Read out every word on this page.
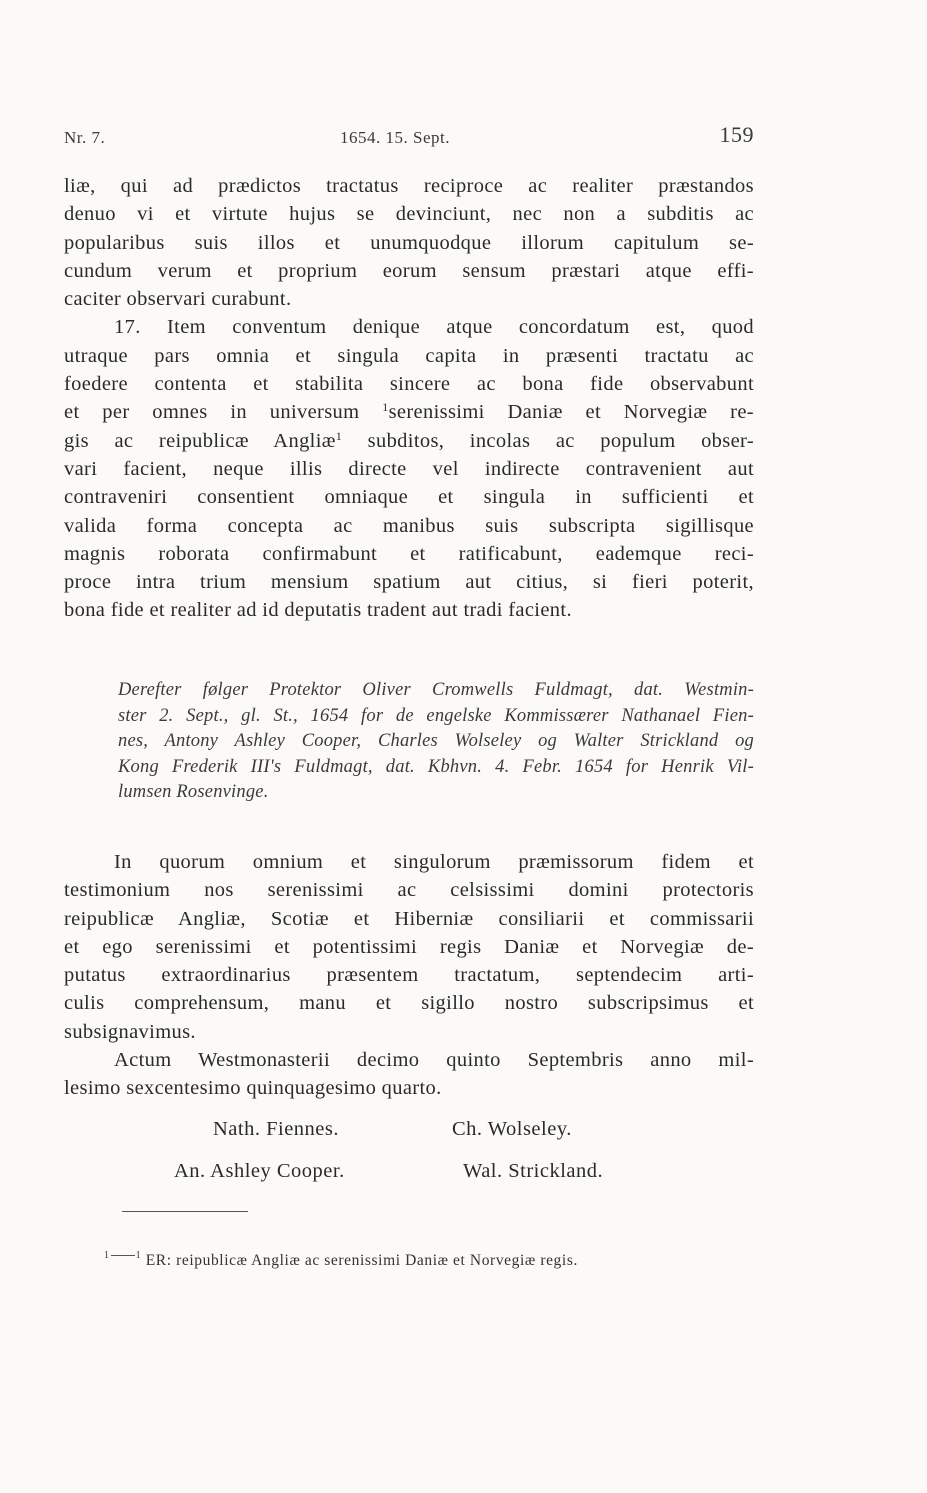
Nr. 7.	1654. 15. Sept.	159

liæ, qui ad prædictos tractatus reciproce ac realiter præstandos
denuo vi et virtute hujus se devinciunt, nec non a subditis ac
popularibus suis illos et unumquodque illorum capitulum se-
cundum verum et proprium eorum sensum præstari atque effi-
caciter observari curabunt.

17. Item conventum denique atque concordatum est, quod
utraque pars omnia et singula capita in præsenti tractatu ac
foedere contenta et stabilita sincere ac bona fide observabunt
et per omnes in universum $^1$serenissimi Daniæ et Norvegiæ re-
gis ac reipublicæ Angliæ$^1$ subditos, incolas ac populum obser-
vari facient, neque illis directe vel indirecte contravenient aut
contraveniri consentient omniaque et singula in sufficienti et
valida forma concepta ac manibus suis subscripta sigillisque
magnis roborata confirmabunt et ratificabunt, eademque reci-
proce intra trium mensium spatium aut citius, si fieri poterit,
bona fide et realiter ad id deputatis tradent aut tradi facient.

Derefter følger Protektor Oliver Cromwells Fuldmagt, dat. Westmin-
ster 2. Sept., gl. St., 1654 for de engelske Kommissærer Nathanael Fien-
nes, Antony Ashley Cooper, Charles Wolseley og Walter Strickland og
Kong Frederik III's Fuldmagt, dat. Kbhvn. 4. Febr. 1654 for Henrik Vil-
lumsen Rosenvinge.

In quorum omnium et singulorum præmissorum fidem et
testimonium nos serenissimi ac celsissimi domini protectoris
reipublicæ Angliæ, Scotiæ et Hiberniæ consiliarii et commissarii
et ego serenissimi et potentissimi regis Daniæ et Norvegiæ de-
putatus extraordinarius præsentem tractatum, septendecim arti-
culis comprehensum, manu et sigillo nostro subscripsimus et
subsignavimus.

Actum Westmonasterii decimo quinto Septembris anno mil-
lesimo sexcentesimo quinquagesimo quarto.

Nath. Fiennes.	Ch. Wolseley.
An. Ashley Cooper.	Wal. Strickland.
$^1$	$^1$ ER: reipublicæ Angliæ ac serenissimi Daniæ et Norvegiæ regis.
